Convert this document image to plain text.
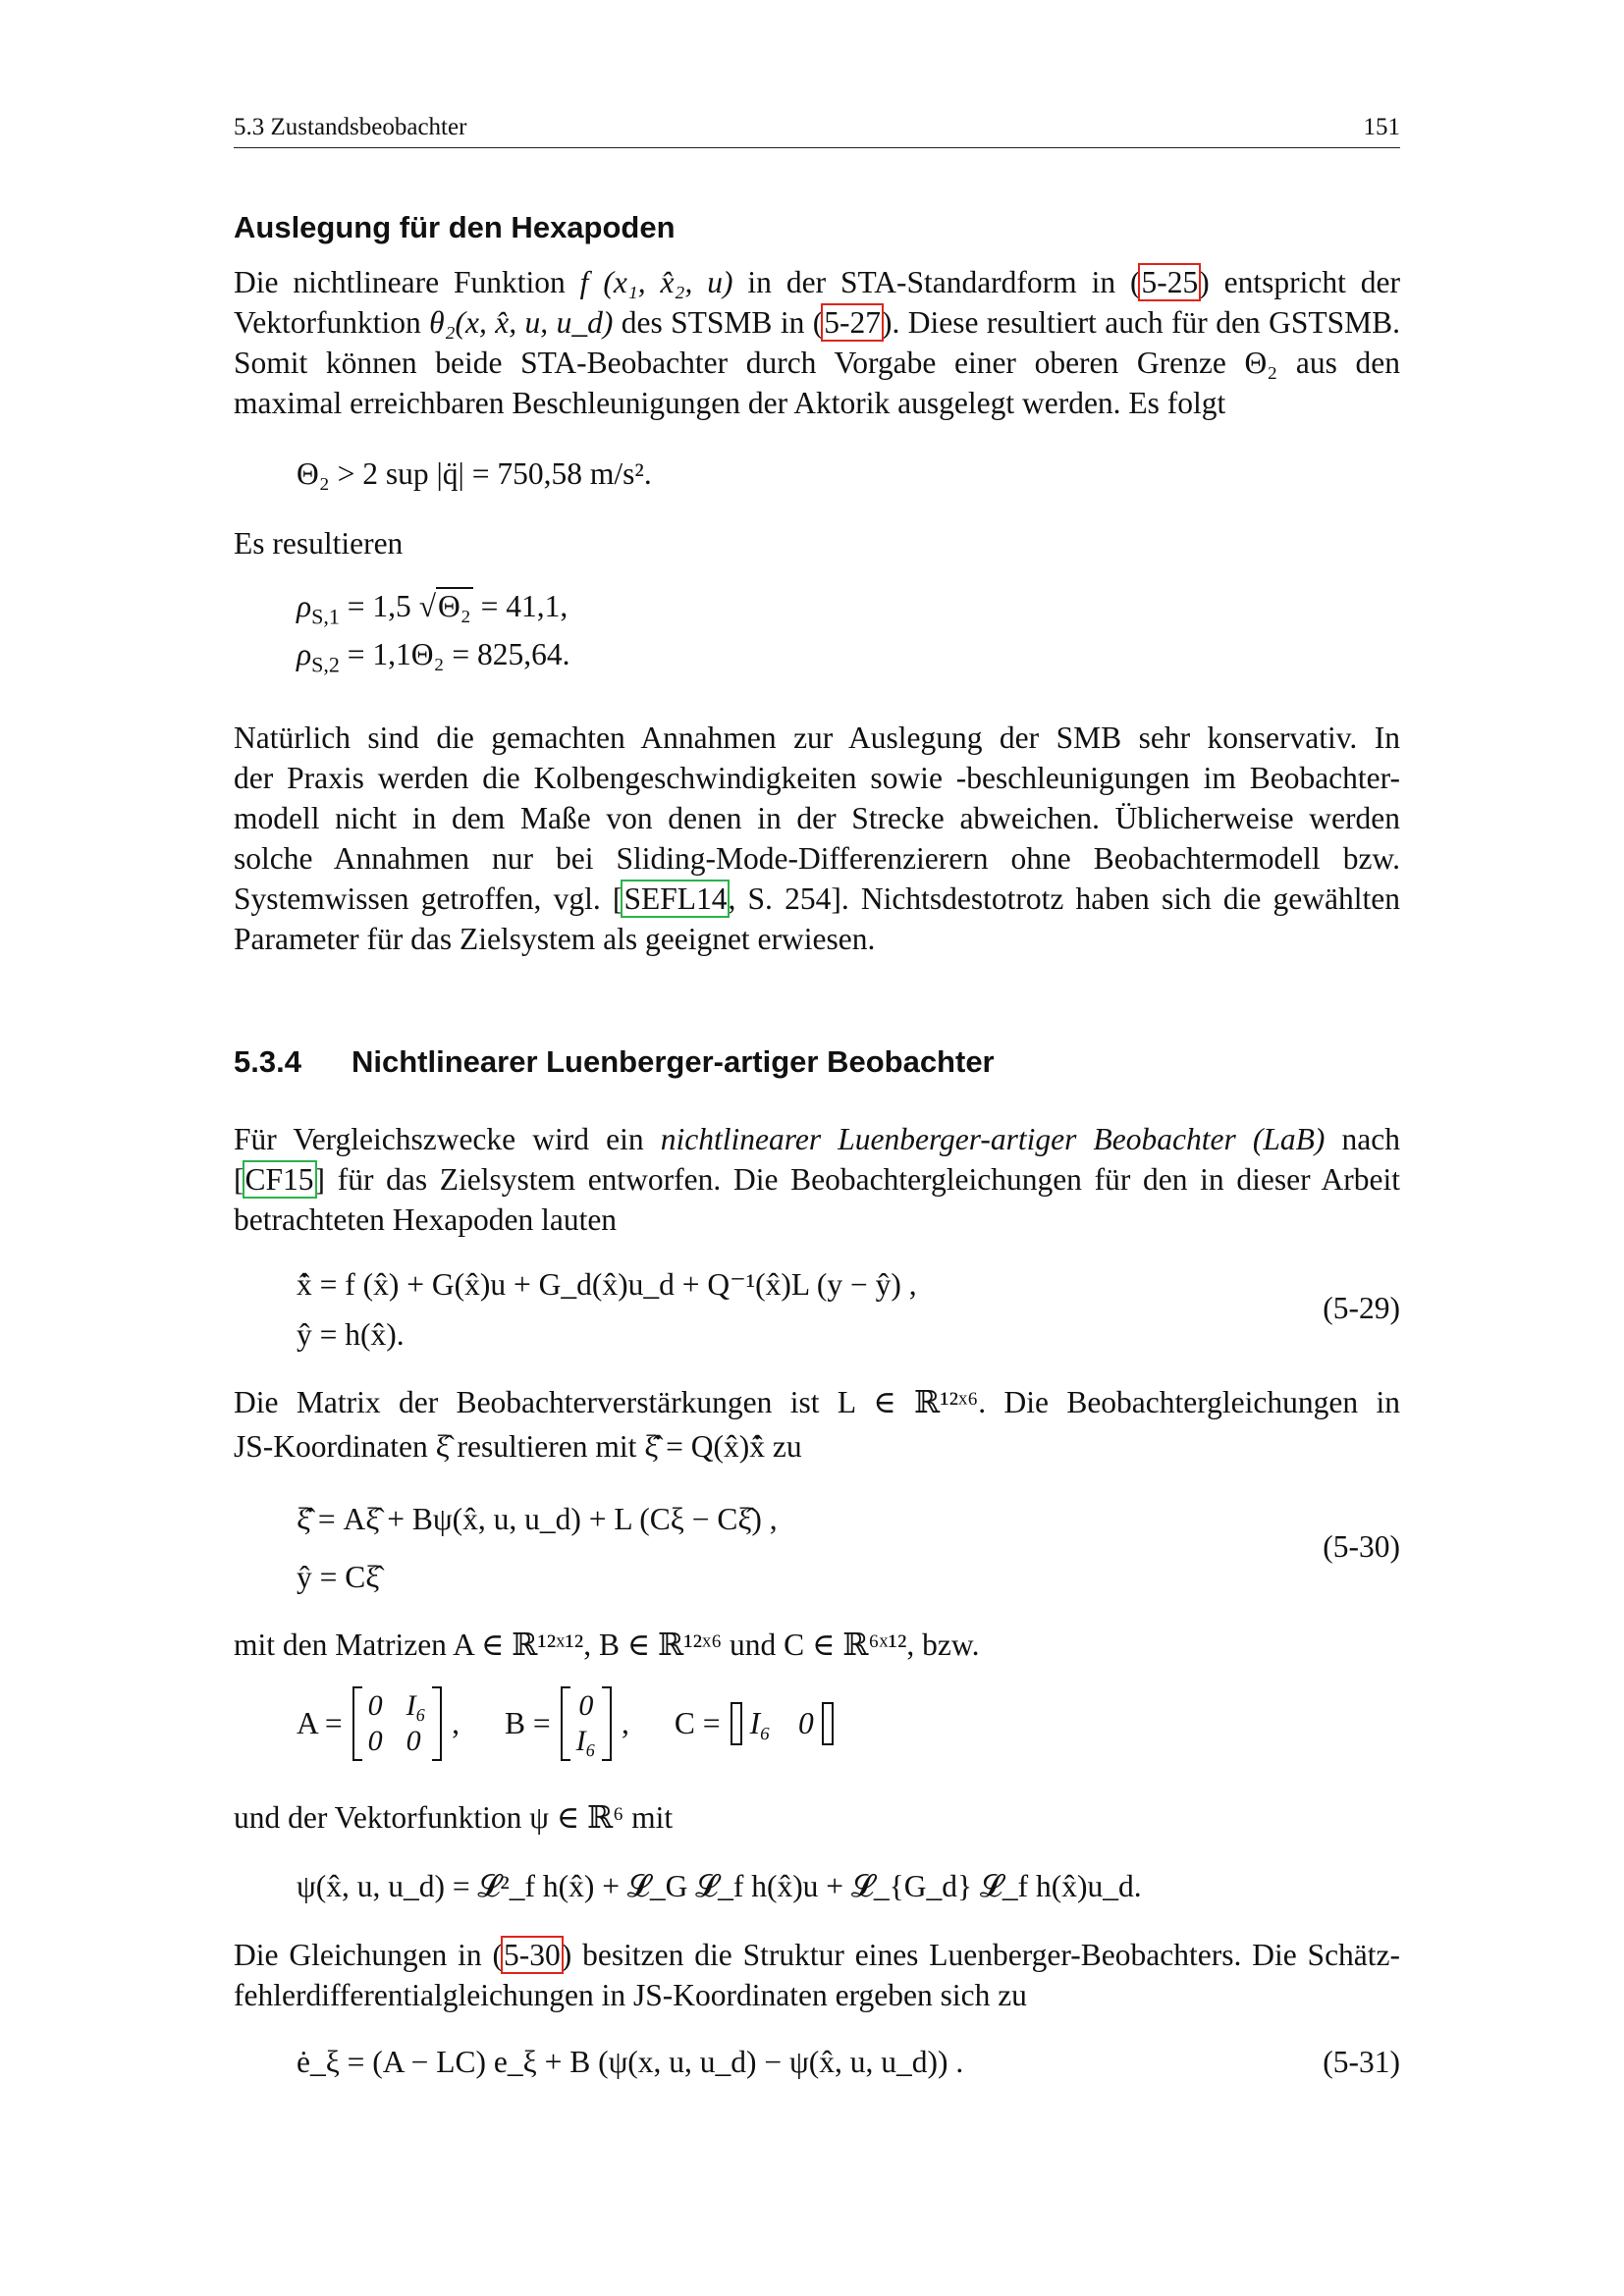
5.3 Zustandsbeobachter	151
Auslegung für den Hexapoden
Die nichtlineare Funktion f (x₁, x̂₂, u) in der STA-Standardform in (5-25) entspricht der
Vektorfunktion θ₂(x, x̂, u, u_d) des STSMB in (5-27). Diese resultiert auch für den GSTSMB.
Somit können beide STA-Beobachter durch Vorgabe einer oberen Grenze Θ₂ aus den
maximal erreichbaren Beschleunigungen der Aktorik ausgelegt werden. Es folgt
Θ₂ > 2 sup |q̈| = 750,58 m/s².
Es resultieren
$\rho_{S,1} = 1,5$ √Θ₂ = 41,1,
$\rho_{S,2} = 1,1\Theta_2 = 825,64$.
Natürlich sind die gemachten Annahmen zur Auslegung der SMB sehr konservativ. In
der Praxis werden die Kolbengeschwindigkeiten sowie -beschleunigungen im Beobachter-
modell nicht in dem Maße von denen in der Strecke abweichen. Üblicherweise werden
solche Annahmen nur bei Sliding-Mode-Differenzierern ohne Beobachtermodell bzw.
Systemwissen getroffen, vgl. [SEFL14, S. 254]. Nichtsdestotrotz haben sich die gewählten
Parameter für das Zielsystem als geeignet erwiesen.
5.3.4 Nichtlinearer Luenberger-artiger Beobachter
Für Vergleichszwecke wird ein nichtlinearer Luenberger-artiger Beobachter (LaB) nach
[CF15] für das Zielsystem entworfen. Die Beobachtergleichungen für den in dieser Arbeit
betrachteten Hexapoden lauten
x̂̇ = f (x̂) + G(x̂)u + G_d(x̂)u_d + Q⁻¹(x̂)L (y − ŷ) ,
ŷ = h(x̂).
(5-29)
Die Matrix der Beobachterverstärkungen ist L ∈ ℝ¹²ˣ⁶. Die Beobachtergleichungen in
JS-Koordinaten ξ̂ resultieren mit ξ̂̇ = Q(x̂)x̂̇ zu
ξ̂̇ = Aξ̂ + Bψ(x̂, u, u_d) + L (Cξ − Cξ̂) ,
ŷ = Cξ̂
(5-30)
mit den Matrizen A ∈ ℝ¹²ˣ¹², B ∈ ℝ¹²ˣ⁶ und C ∈ ℝ⁶ˣ¹², bzw.
A =
0 I₆
0 0
, B =
0
I₆
, C = I₆ 0
und der Vektorfunktion ψ ∈ ℝ⁶ mit
ψ(x̂, u, u_d) = 𝓛²_f h(x̂) + 𝓛_G 𝓛_f h(x̂)u + 𝓛_{G_d} 𝓛_f h(x̂)u_d.
Die Gleichungen in (5-30) besitzen die Struktur eines Luenberger-Beobachters. Die Schätz-
fehlerdifferentialgleichungen in JS-Koordinaten ergeben sich zu
ė_ξ = (A − LC) e_ξ + B (ψ(x, u, u_d) − ψ(x̂, u, u_d)) .	(5-31)
